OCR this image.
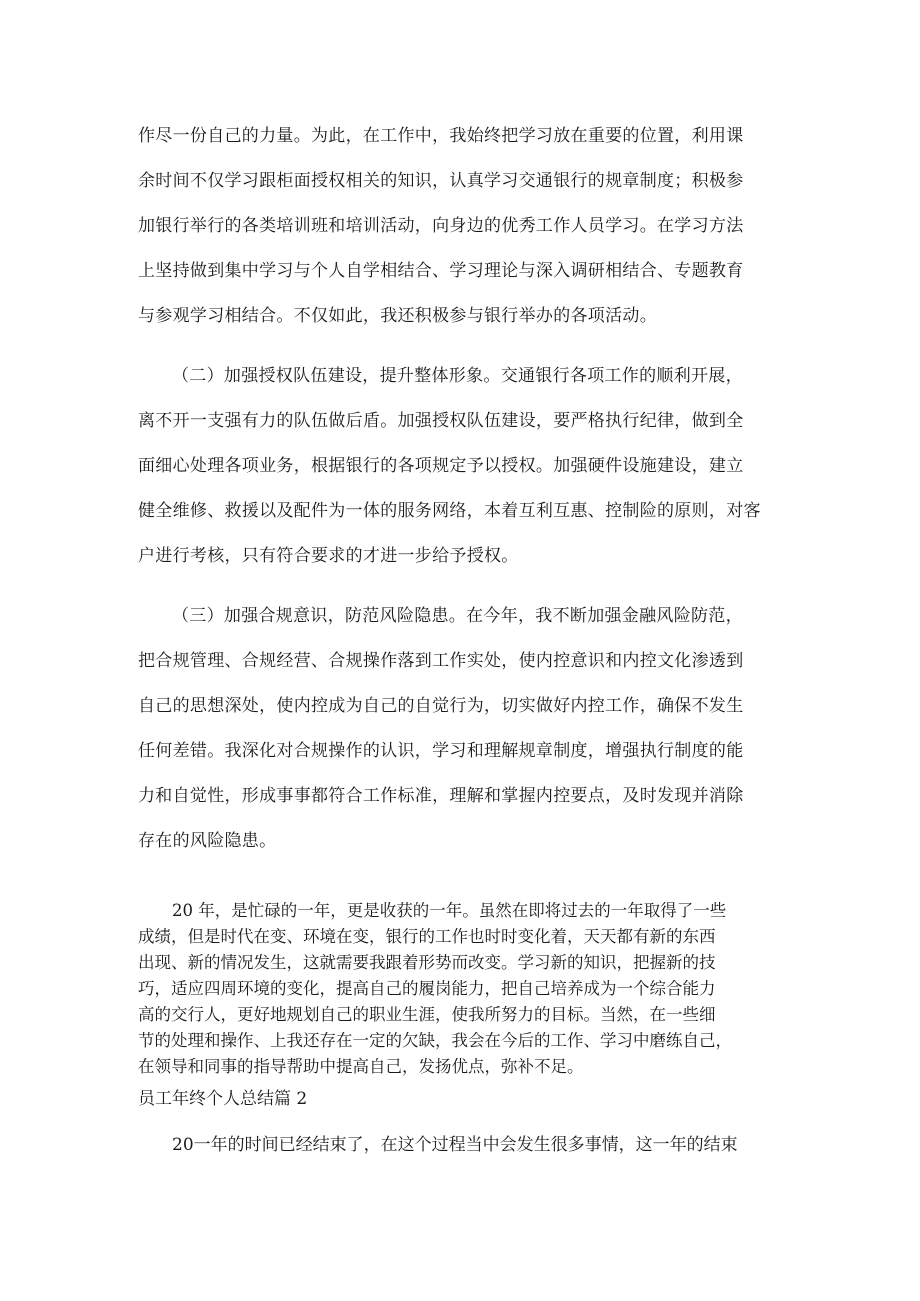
作尽一份自己的力量。为此，在工作中，我始终把学习放在重要的位置，利用课
余时间不仅学习跟柜面授权相关的知识，认真学习交通银行的规章制度；积极参
加银行举行的各类培训班和培训活动，向身边的优秀工作人员学习。在学习方法
上坚持做到集中学习与个人自学相结合、学习理论与深入调研相结合、专题教育
与参观学习相结合。不仅如此，我还积极参与银行举办的各项活动。
（二）加强授权队伍建设，提升整体形象。交通银行各项工作的顺利开展，
离不开一支强有力的队伍做后盾。加强授权队伍建设，要严格执行纪律，做到全
面细心处理各项业务，根据银行的各项规定予以授权。加强硬件设施建设，建立
健全维修、救援以及配件为一体的服务网络，本着互利互惠、控制险的原则，对客
户进行考核，只有符合要求的才进一步给予授权。
（三）加强合规意识，防范风险隐患。在今年，我不断加强金融风险防范，
把合规管理、合规经营、合规操作落到工作实处，使内控意识和内控文化渗透到
自己的思想深处，使内控成为自己的自觉行为，切实做好内控工作，确保不发生
任何差错。我深化对合规操作的认识，学习和理解规章制度，增强执行制度的能
力和自觉性，形成事事都符合工作标准，理解和掌握内控要点，及时发现并消除
存在的风险隐患。
20 年，是忙碌的一年，更是收获的一年。虽然在即将过去的一年取得了一些
成绩，但是时代在变、环境在变，银行的工作也时时变化着，天天都有新的东西
出现、新的情况发生，这就需要我跟着形势而改变。学习新的知识，把握新的技
巧，适应四周环境的变化，提高自己的履岗能力，把自己培养成为一个综合能力
高的交行人，更好地规划自己的职业生涯，使我所努力的目标。当然，在一些细
节的处理和操作、上我还存在一定的欠缺，我会在今后的工作、学习中磨练自己，
在领导和同事的指导帮助中提高自己，发扬优点，弥补不足。
员工年终个人总结篇 2
20一年的时间已经结束了，在这个过程当中会发生很多事情，这一年的结束
